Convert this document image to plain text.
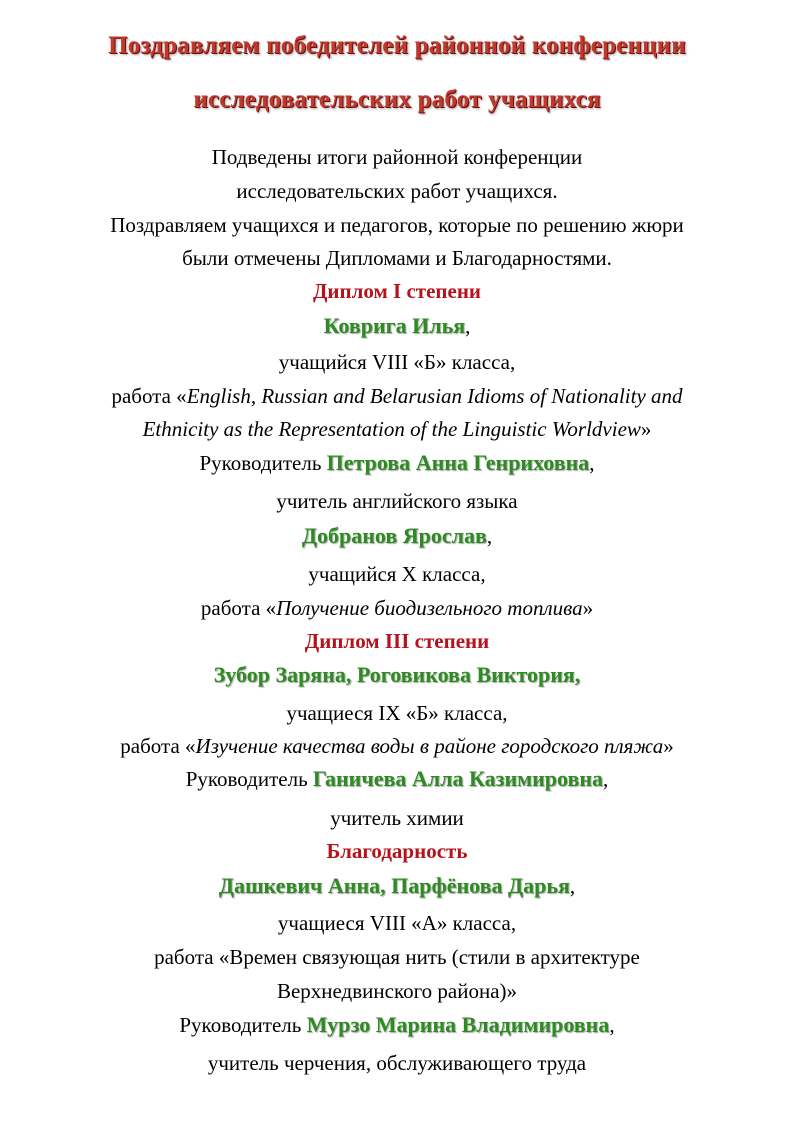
Поздравляем победителей районной конференции
исследовательских работ учащихся
Подведены итоги районной конференции
исследовательских работ учащихся.
Поздравляем учащихся и педагогов, которые по решению жюри
были отмечены Дипломами и Благодарностями.
Диплом I степени
Коврига Илья,
учащийся VIII «Б» класса,
работа «English, Russian and Belarusian Idioms of Nationality and
Ethnicity as the Representation of the Linguistic Worldview»
Руководитель Петрова Анна Генриховна,
учитель английского языка
Добранов Ярослав,
учащийся X класса,
работа «Получение биодизельного топлива»
Диплом III степени
Зубор Заряна, Роговикова Виктория,
учащиеся IX «Б» класса,
работа «Изучение качества воды в районе городского пляжа»
Руководитель Ганичева Алла Казимировна,
учитель химии
Благодарность
Дашкевич Анна, Парфёнова Дарья,
учащиеся VIII «А» класса,
работа «Времен связующая нить (стили в архитектуре
Верхнедвинского района)»
Руководитель Мурзо Марина Владимировна,
учитель черчения, обслуживающего труда
